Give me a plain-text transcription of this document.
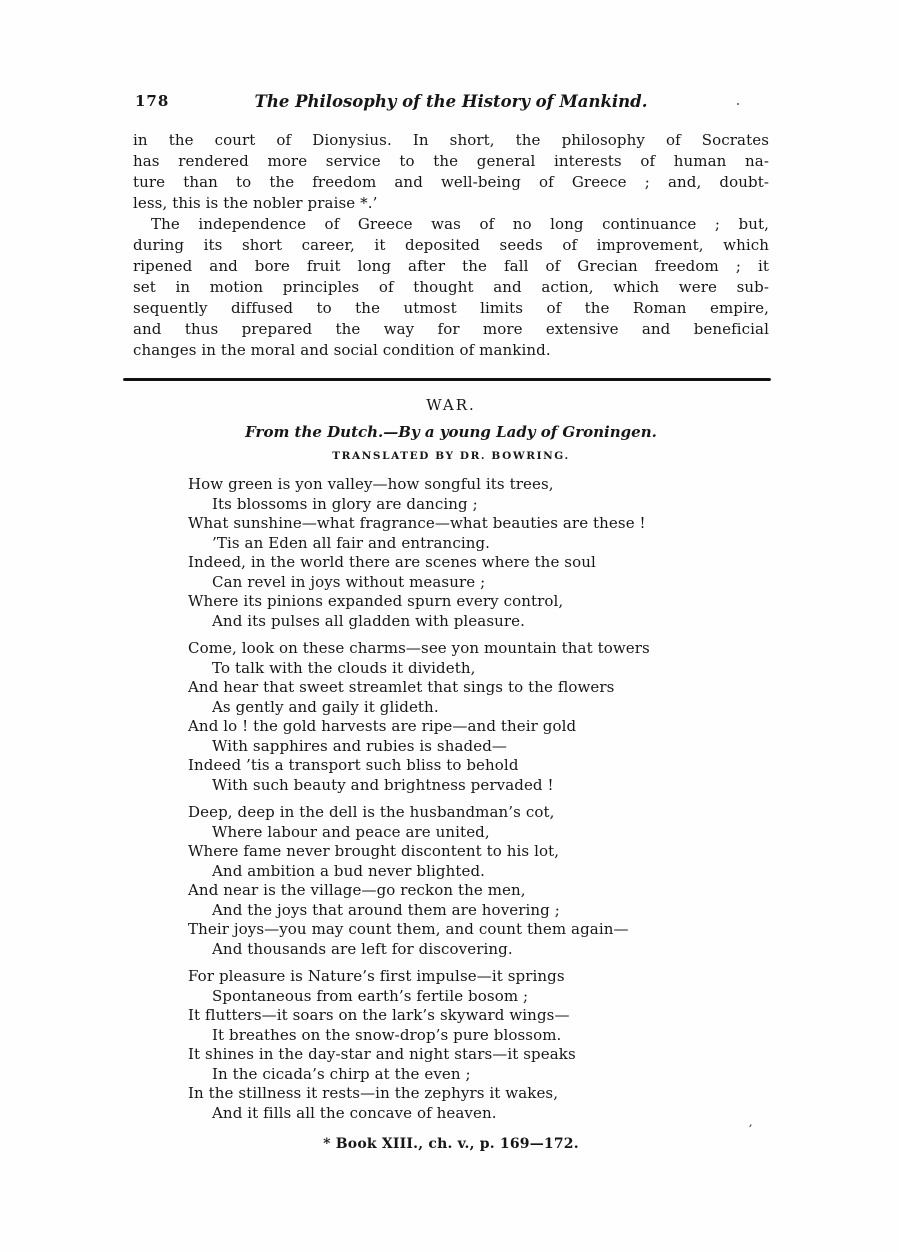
178	The Philosophy of the History of Mankind.
in the court of Dionysius. In short, the philosophy of Socrates
has rendered more service to the general interests of human na-
ture than to the freedom and well-being of Greece ; and, doubt-
less, this is the nobler praise *.’
The independence of Greece was of no long continuance ; but,
during its short career, it deposited seeds of improvement, which
ripened and bore fruit long after the fall of Grecian freedom ; it
set in motion principles of thought and action, which were sub-
sequently diffused to the utmost limits of the Roman empire,
and thus prepared the way for more extensive and beneficial
changes in the moral and social condition of mankind.
WAR.
From the Dutch.—By a young Lady of Groningen.
TRANSLATED BY DR. BOWRING.
How green is yon valley—how songful its trees,
Its blossoms in glory are dancing ;
What sunshine—what fragrance—what beauties are these !
’Tis an Eden all fair and entrancing.
Indeed, in the world there are scenes where the soul
Can revel in joys without measure ;
Where its pinions expanded spurn every control,
And its pulses all gladden with pleasure.
Come, look on these charms—see yon mountain that towers
To talk with the clouds it divideth,
And hear that sweet streamlet that sings to the flowers
As gently and gaily it glideth.
And lo ! the gold harvests are ripe—and their gold
With sapphires and rubies is shaded—
Indeed ’tis a transport such bliss to behold
With such beauty and brightness pervaded !
Deep, deep in the dell is the husbandman’s cot,
Where labour and peace are united,
Where fame never brought discontent to his lot,
And ambition a bud never blighted.
And near is the village—go reckon the men,
And the joys that around them are hovering ;
Their joys—you may count them, and count them again—
And thousands are left for discovering.
For pleasure is Nature’s first impulse—it springs
Spontaneous from earth’s fertile bosom ;
It flutters—it soars on the lark’s skyward wings—
It breathes on the snow-drop’s pure blossom.
It shines in the day-star and night stars—it speaks
In the cicada’s chirp at the even ;
In the stillness it rests—in the zephyrs it wakes,
And it fills all the concave of heaven.
* Book XIII., ch. v., p. 169—172.
’
